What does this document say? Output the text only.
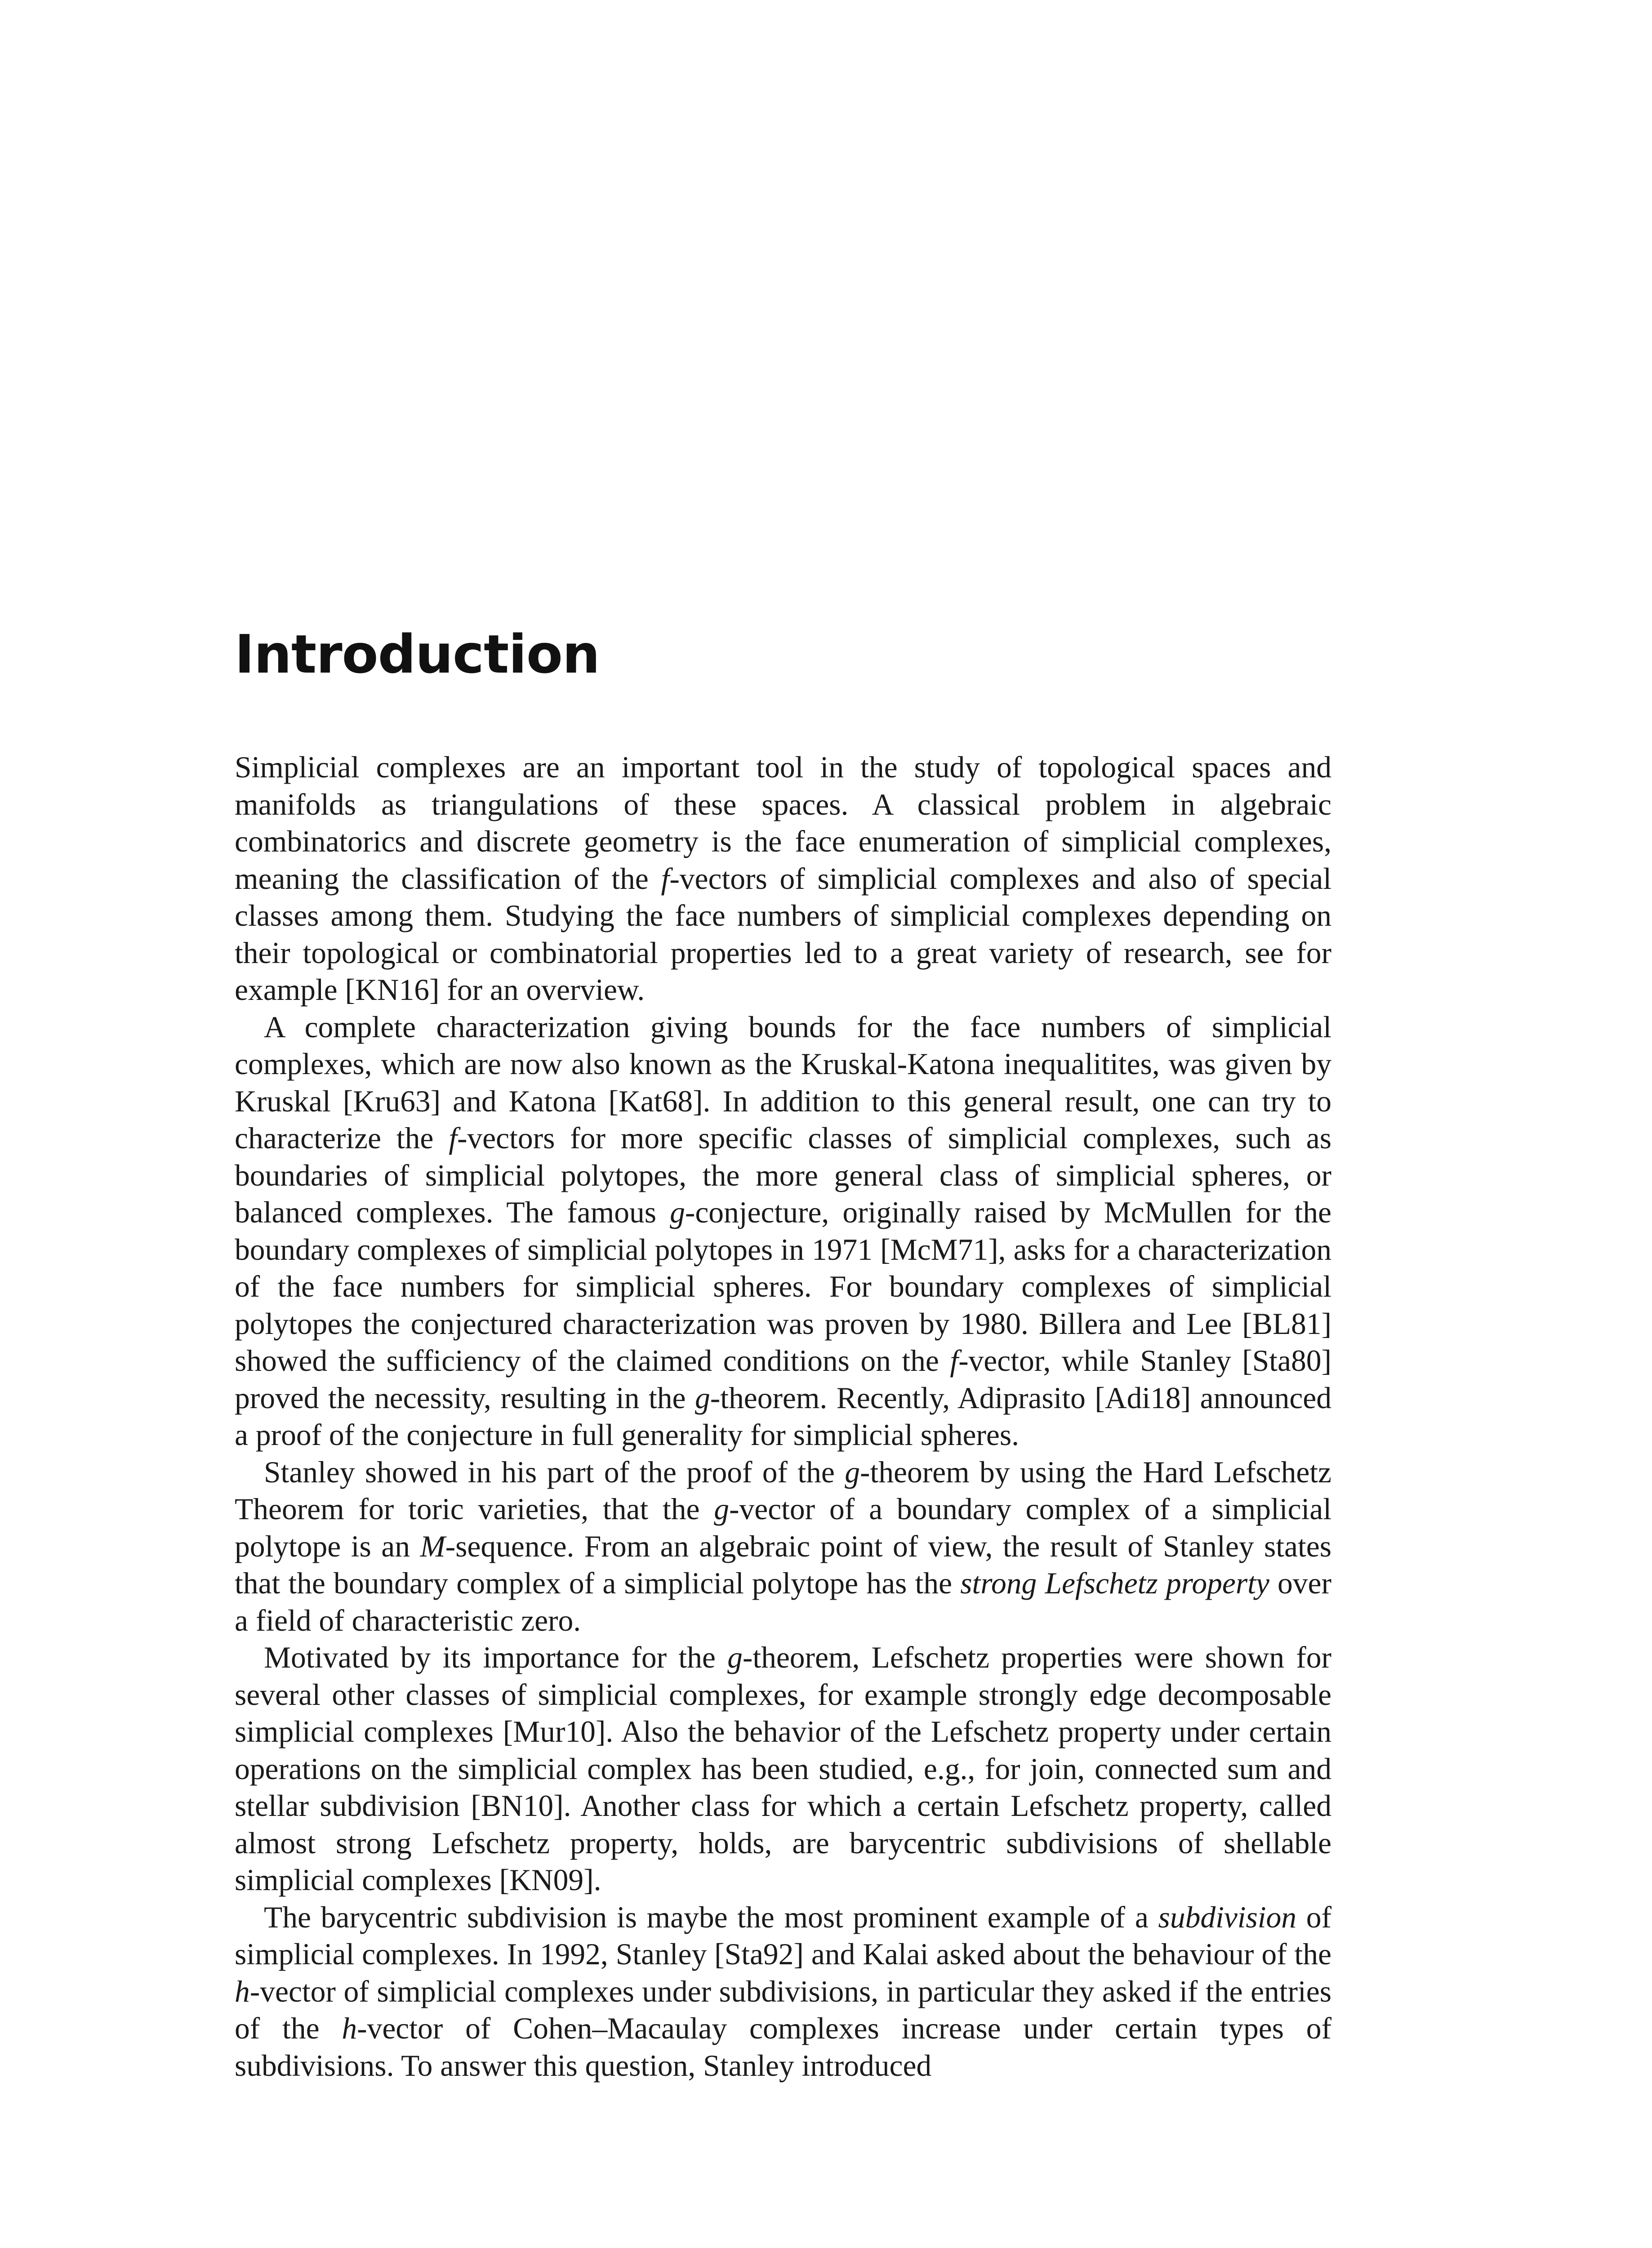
Introduction

Simplicial complexes are an important tool in the study of topological spaces and manifolds as triangulations of these spaces. A classical problem in algebraic combinatorics and discrete geometry is the face enumeration of simplicial complexes, meaning the classification of the f-vectors of simplicial complexes and also of special classes among them. Studying the face numbers of simplicial complexes depending on their topological or combinatorial properties led to a great variety of research, see for example [KN16] for an overview.

A complete characterization giving bounds for the face numbers of simplicial complexes, which are now also known as the Kruskal-Katona inequalitites, was given by Kruskal [Kru63] and Katona [Kat68]. In addition to this general result, one can try to characterize the f-vectors for more specific classes of simplicial complexes, such as boundaries of simplicial polytopes, the more general class of simplicial spheres, or balanced complexes. The famous g-conjecture, originally raised by McMullen for the boundary complexes of simplicial polytopes in 1971 [McM71], asks for a characterization of the face numbers for simplicial spheres. For boundary complexes of simplicial polytopes the conjectured characterization was proven by 1980. Billera and Lee [BL81] showed the sufficiency of the claimed conditions on the f-vector, while Stanley [Sta80] proved the necessity, resulting in the g-theorem. Recently, Adiprasito [Adi18] announced a proof of the conjecture in full generality for simplicial spheres.

Stanley showed in his part of the proof of the g-theorem by using the Hard Lefschetz Theorem for toric varieties, that the g-vector of a boundary complex of a simplicial polytope is an M-sequence. From an algebraic point of view, the result of Stanley states that the boundary complex of a simplicial polytope has the strong Lefschetz property over a field of characteristic zero.

Motivated by its importance for the g-theorem, Lefschetz properties were shown for several other classes of simplicial complexes, for example strongly edge decomposable simplicial complexes [Mur10]. Also the behavior of the Lefschetz property under certain operations on the simplicial complex has been studied, e.g., for join, connected sum and stellar subdivision [BN10]. Another class for which a certain Lefschetz property, called almost strong Lefschetz property, holds, are barycentric subdivisions of shellable simplicial complexes [KN09].

The barycentric subdivision is maybe the most prominent example of a subdivision of simplicial complexes. In 1992, Stanley [Sta92] and Kalai asked about the behaviour of the h-vector of simplicial complexes under subdivisions, in particular they asked if the entries of the h-vector of Cohen–Macaulay complexes increase under certain types of subdivisions. To answer this question, Stanley introduced
